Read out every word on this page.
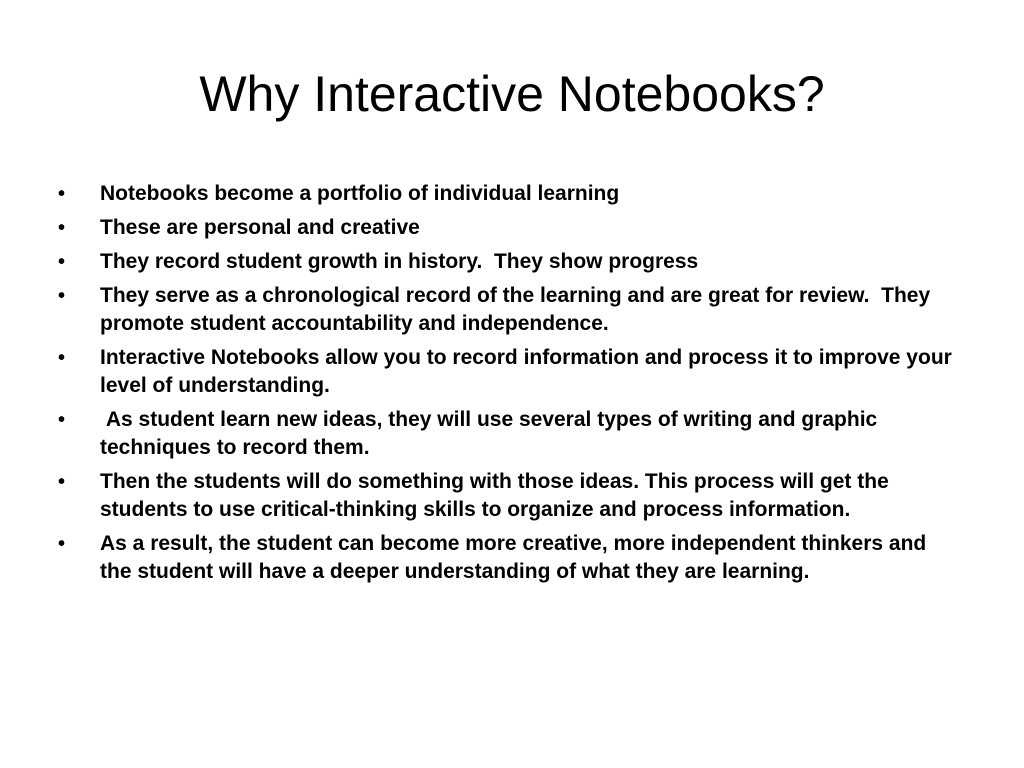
Why Interactive Notebooks?
•	Notebooks become a portfolio of individual learning
•	These are personal and creative
•	They record student growth in history.  They show progress
•	They serve as a chronological record of the learning and are great for review.  They promote student accountability and independence.
•	Interactive Notebooks allow you to record information and process it to improve your level of understanding.
•	As student learn new ideas, they will use several types of writing and graphic techniques to record them.
•	Then the students will do something with those ideas. This process will get the students to use critical-thinking skills to organize and process information.
•	As a result, the student can become more creative, more independent thinkers and the student will have a deeper understanding of what they are learning.
